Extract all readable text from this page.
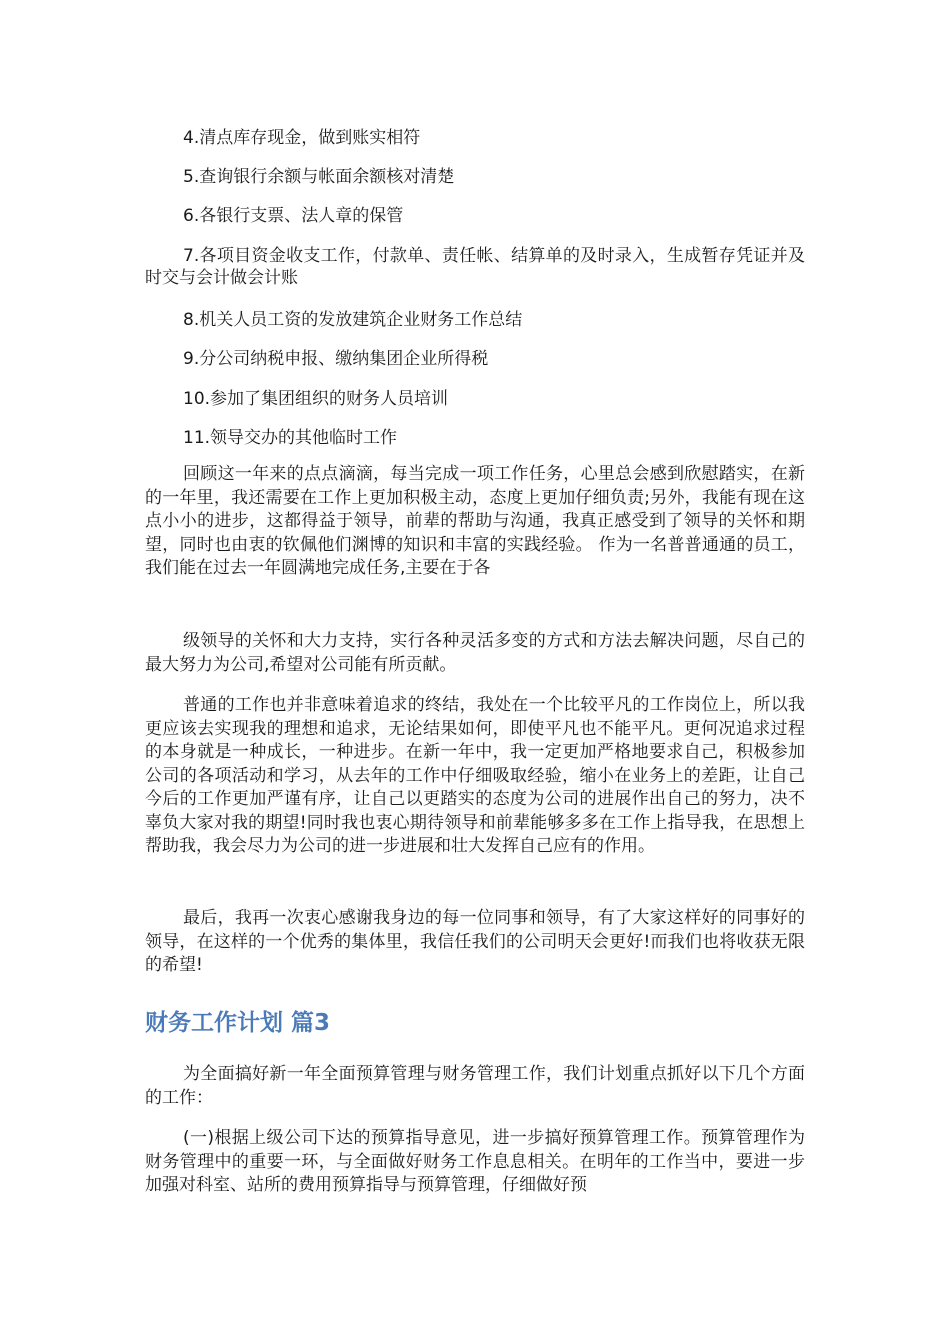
4.清点库存现金，做到账实相符
5.查询银行余额与帐面余额核对清楚
6.各银行支票、法人章的保管
7.各项目资金收支工作，付款单、责任帐、结算单的及时录入，生成暂存凭证并及时交与会计做会计账
8.机关人员工资的发放建筑企业财务工作总结
9.分公司纳税申报、缴纳集团企业所得税
10.参加了集团组织的财务人员培训
11.领导交办的其他临时工作
回顾这一年来的点点滴滴，每当完成一项工作任务，心里总会感到欣慰踏实，在新的一年里，我还需要在工作上更加积极主动，态度上更加仔细负责;另外，我能有现在这点小小的进步，这都得益于领导，前辈的帮助与沟通，我真正感受到了领导的关怀和期望，同时也由衷的钦佩他们渊博的知识和丰富的实践经验。 作为一名普普通通的员工，我们能在过去一年圆满地完成任务,主要在于各
级领导的关怀和大力支持，实行各种灵活多变的方式和方法去解决问题，尽自己的最大努力为公司,希望对公司能有所贡献。
普通的工作也并非意味着追求的终结，我处在一个比较平凡的工作岗位上，所以我更应该去实现我的理想和追求，无论结果如何，即使平凡也不能平凡。更何况追求过程的本身就是一种成长，一种进步。在新一年中，我一定更加严格地要求自己，积极参加公司的各项活动和学习，从去年的工作中仔细吸取经验，缩小在业务上的差距，让自己今后的工作更加严谨有序，让自己以更踏实的态度为公司的进展作出自己的努力，决不辜负大家对我的期望!同时我也衷心期待领导和前辈能够多多在工作上指导我，在思想上帮助我，我会尽力为公司的进一步进展和壮大发挥自己应有的作用。
最后，我再一次衷心感谢我身边的每一位同事和领导，有了大家这样好的同事好的领导，在这样的一个优秀的集体里，我信任我们的公司明天会更好!而我们也将收获无限的希望!
财务工作计划 篇3
为全面搞好新一年全面预算管理与财务管理工作，我们计划重点抓好以下几个方面的工作：
(一)根据上级公司下达的预算指导意见，进一步搞好预算管理工作。预算管理作为财务管理中的重要一环，与全面做好财务工作息息相关。在明年的工作当中，要进一步加强对科室、站所的费用预算指导与预算管理，仔细做好预
